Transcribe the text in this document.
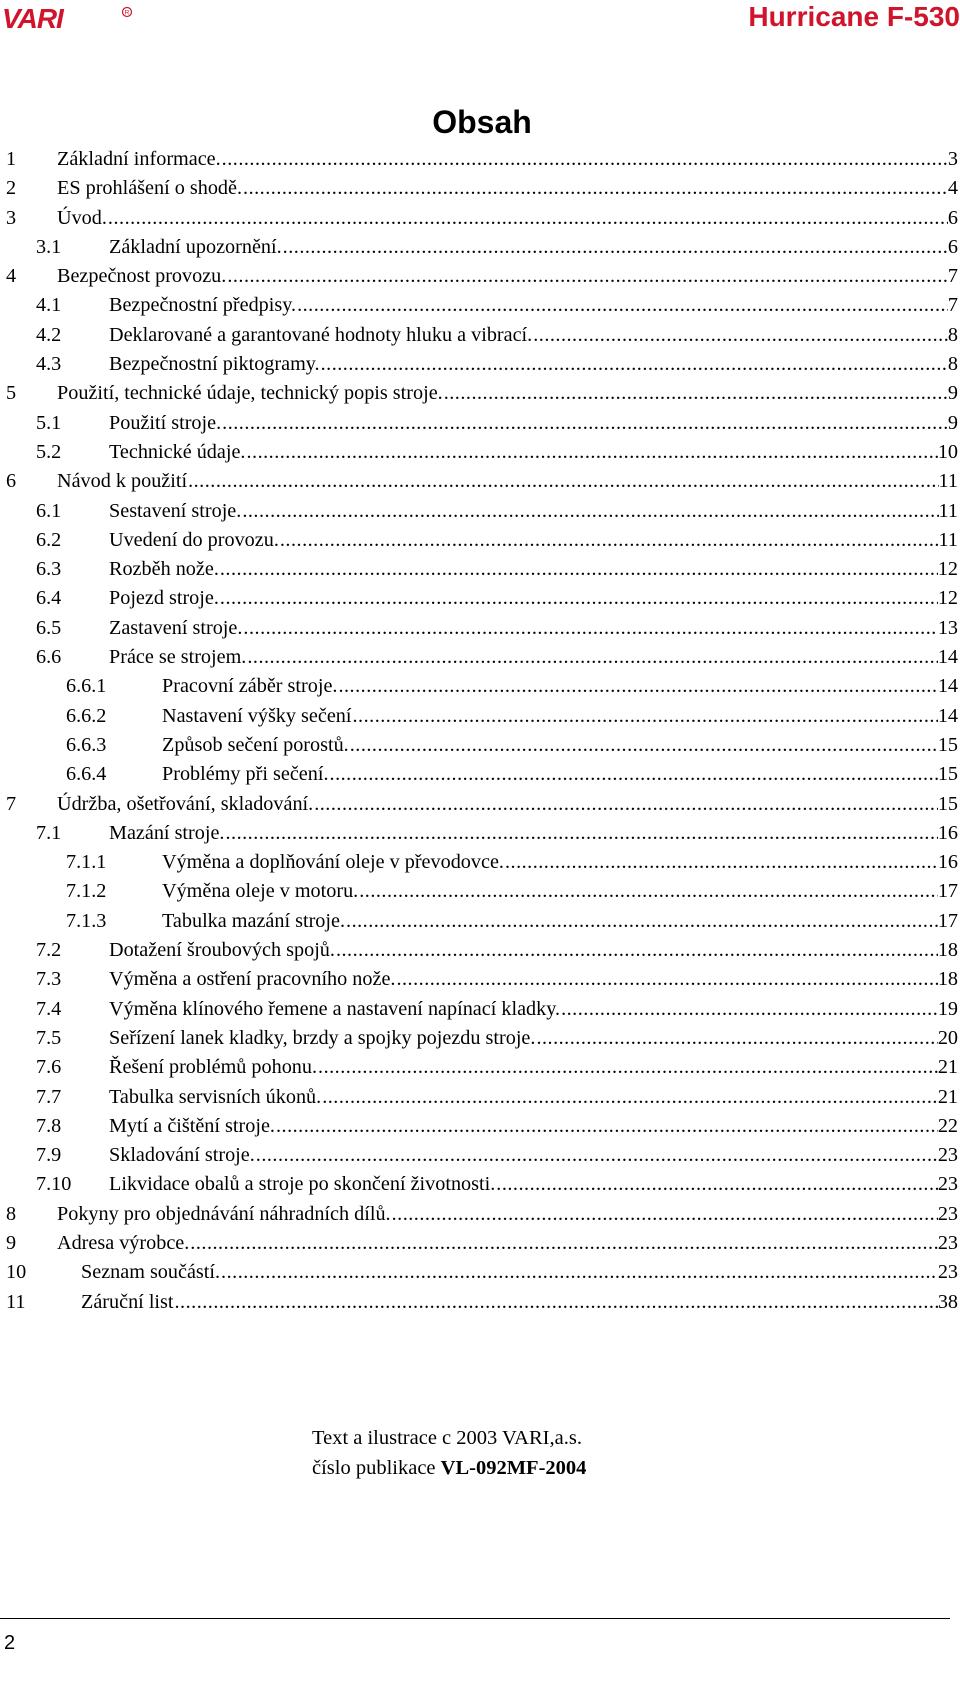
VARI	R	Hurricane F-530
Obsah
1	Základní informace. .....	3
2	ES prohlášení o shodě. .....	4
3	Úvod. .....	6
3.1	Základní upozornění. .....	6
4	Bezpečnost provozu. .....	7
4.1	Bezpečnostní předpisy. .....	7
4.2	Deklarované a garantované hodnoty hluku a vibrací. .....	8
4.3	Bezpečnostní piktogramy. .....	8
5	Použití, technické údaje, technický popis stroje. .....	9
5.1	Použití stroje. .....	9
5.2	Technické údaje. .....	10
6	Návod k použití .....	11
6.1	Sestavení stroje. .....	11
6.2	Uvedení do provozu. .....	11
6.3	Rozběh nože. .....	12
6.4	Pojezd stroje. .....	12
6.5	Zastavení stroje. .....	13
6.6	Práce se strojem. .....	14
6.6.1	Pracovní záběr stroje. .....	14
6.6.2	Nastavení výšky sečení .....	14
6.6.3	Způsob sečení porostů. .....	15
6.6.4	Problémy při sečení. .....	15
7	Údržba, ošetřování, skladování. .....	15
7.1	Mazání stroje. .....	16
7.1.1	Výměna a doplňování oleje v převodovce. .....	16
7.1.2	Výměna oleje v motoru. .....	17
7.1.3	Tabulka mazání stroje. .....	17
7.2	Dotažení šroubových spojů. .....	18
7.3	Výměna a ostření pracovního nože. .....	18
7.4	Výměna klínového řemene a nastavení napínací kladky. .....	19
7.5	Seřízení lanek kladky, brzdy a spojky pojezdu stroje. .....	20
7.6	Řešení problémů pohonu. .....	21
7.7	Tabulka servisních úkonů. .....	21
7.8	Mytí a čištění stroje. .....	22
7.9	Skladování stroje. .....	23
7.10	Likvidace obalů a stroje po skončení životnosti. .....	23
8	Pokyny pro objednávání náhradních dílů. .....	23
9	Adresa výrobce. .....	23
10	Seznam součástí. .....	23
11	Záruční list .....	38
Text a ilustrace c 2003 VARI,a.s.
číslo publikace VL-092MF-2004
2
